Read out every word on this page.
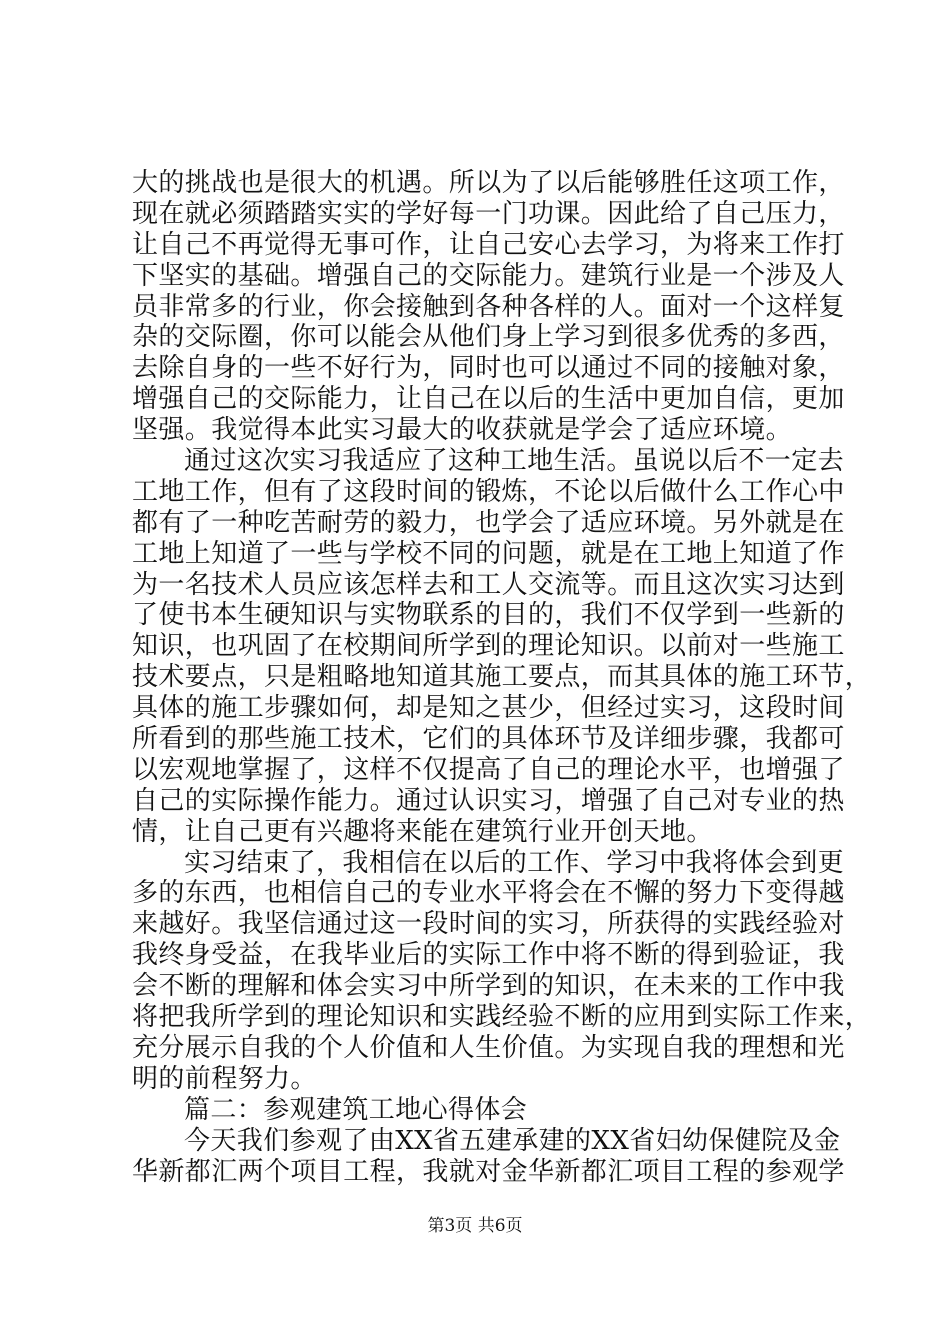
大的挑战也是很大的机遇。所以为了以后能够胜任这项工作，
现在就必须踏踏实实的学好每一门功课。因此给了自己压力，
让自己不再觉得无事可作，让自己安心去学习，为将来工作打
下坚实的基础。增强自己的交际能力。建筑行业是一个涉及人
员非常多的行业，你会接触到各种各样的人。面对一个这样复
杂的交际圈，你可以能会从他们身上学习到很多优秀的多西，
去除自身的一些不好行为，同时也可以通过不同的接触对象，
增强自己的交际能力，让自己在以后的生活中更加自信，更加
坚强。我觉得本此实习最大的收获就是学会了适应环境。
通过这次实习我适应了这种工地生活。虽说以后不一定去
工地工作，但有了这段时间的锻炼，不论以后做什么工作心中
都有了一种吃苦耐劳的毅力，也学会了适应环境。另外就是在
工地上知道了一些与学校不同的问题，就是在工地上知道了作
为一名技术人员应该怎样去和工人交流等。而且这次实习达到
了使书本生硬知识与实物联系的目的，我们不仅学到一些新的
知识，也巩固了在校期间所学到的理论知识。以前对一些施工
技术要点，只是粗略地知道其施工要点，而其具体的施工环节，
具体的施工步骤如何，却是知之甚少，但经过实习，这段时间
所看到的那些施工技术，它们的具体环节及详细步骤，我都可
以宏观地掌握了，这样不仅提高了自己的理论水平，也增强了
自己的实际操作能力。通过认识实习，增强了自己对专业的热
情，让自己更有兴趣将来能在建筑行业开创天地。
实习结束了，我相信在以后的工作、学习中我将体会到更
多的东西，也相信自己的专业水平将会在不懈的努力下变得越
来越好。我坚信通过这一段时间的实习，所获得的实践经验对
我终身受益，在我毕业后的实际工作中将不断的得到验证，我
会不断的理解和体会实习中所学到的知识，在未来的工作中我
将把我所学到的理论知识和实践经验不断的应用到实际工作来，
充分展示自我的个人价值和人生价值。为实现自我的理想和光
明的前程努力。
篇二：参观建筑工地心得体会
今天我们参观了由XX省五建承建的XX省妇幼保健院及金
华新都汇两个项目工程，我就对金华新都汇项目工程的参观学
第3页 共6页
